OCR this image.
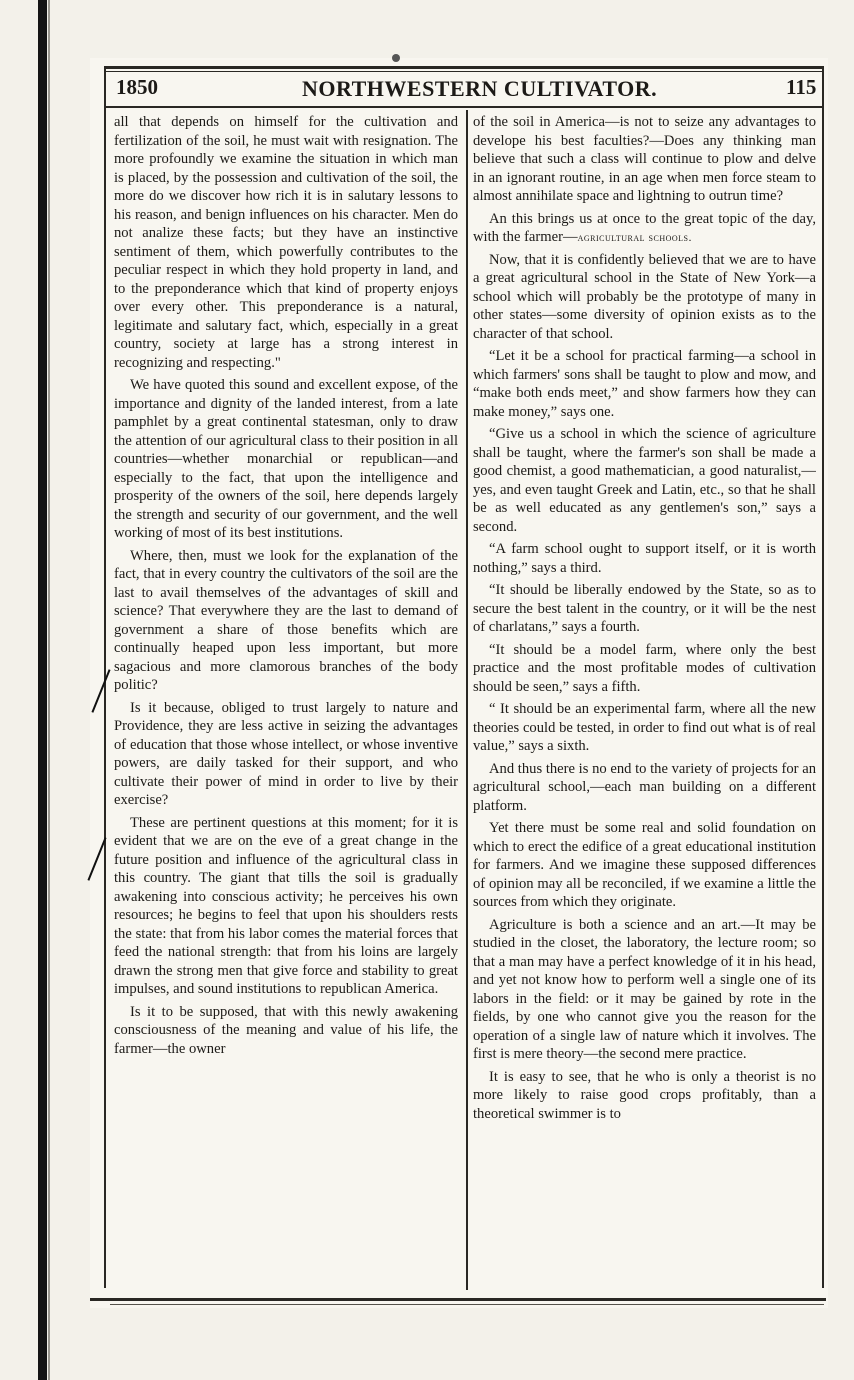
1850	NORTHWESTERN CULTIVATOR.	115

all that depends on himself for the cultivation and fertilization of the soil, he must wait with resignation. The more profoundly we examine the situation in which man is placed, by the possession and cultivation of the soil, the more do we discover how rich it is in salutary lessons to his reason, and benign influences on his character. Men do not analize these facts; but they have an instinctive sentiment of them, which powerfully contributes to the peculiar respect in which they hold property in land, and to the preponderance which that kind of property enjoys over every other. This preponderance is a natural, legitimate and salutary fact, which, especially in a great country, society at large has a strong interest in recognizing and respecting."

We have quoted this sound and excellent expose, of the importance and dignity of the landed interest, from a late pamphlet by a great continental statesman, only to draw the attention of our agricultural class to their position in all countries—whether monarchial or republican—and especially to the fact, that upon the intelligence and prosperity of the owners of the soil, here depends largely the strength and security of our government, and the well working of most of its best institutions.

Where, then, must we look for the explanation of the fact, that in every country the cultivators of the soil are the last to avail themselves of the advantages of skill and science? That everywhere they are the last to demand of government a share of those benefits which are continually heaped upon less important, but more sagacious and more clamorous branches of the body politic?

Is it because, obliged to trust largely to nature and Providence, they are less active in seizing the advantages of education that those whose intellect, or whose inventive powers, are daily tasked for their support, and who cultivate their power of mind in order to live by their exercise?

These are pertinent questions at this moment; for it is evident that we are on the eve of a great change in the future position and influence of the agricultural class in this country. The giant that tills the soil is gradually awakening into conscious activity; he perceives his own resources; he begins to feel that upon his shoulders rests the state: that from his labor comes the material forces that feed the national strength: that from his loins are largely drawn the strong men that give force and stability to great impulses, and sound institutions to republican America.

Is it to be supposed, that with this newly awakening consciousness of the meaning and value of his life, the farmer—the owner

of the soil in America—is not to seize any advantages to develope his best faculties?—Does any thinking man believe that such a class will continue to plow and delve in an ignorant routine, in an age when men force steam to almost annihilate space and lightning to outrun time?

An this brings us at once to the great topic of the day, with the farmer—agricultural schools.

Now, that it is confidently believed that we are to have a great agricultural school in the State of New York—a school which will probably be the prototype of many in other states—some diversity of opinion exists as to the character of that school.

“Let it be a school for practical farming—a school in which farmers' sons shall be taught to plow and mow, and “make both ends meet,” and show farmers how they can make money,” says one.

“Give us a school in which the science of agriculture shall be taught, where the farmer's son shall be made a good chemist, a good mathematician, a good naturalist,—yes, and even taught Greek and Latin, etc., so that he shall be as well educated as any gentlemen's son,” says a second.

“A farm school ought to support itself, or it is worth nothing,” says a third.

“It should be liberally endowed by the State, so as to secure the best talent in the country, or it will be the nest of charlatans,” says a fourth.

“It should be a model farm, where only the best practice and the most profitable modes of cultivation should be seen,” says a fifth.

“ It should be an experimental farm, where all the new theories could be tested, in order to find out what is of real value,” says a sixth.

And thus there is no end to the variety of projects for an agricultural school,—each man building on a different platform.

Yet there must be some real and solid foundation on which to erect the edifice of a great educational institution for farmers. And we imagine these supposed differences of opinion may all be reconciled, if we examine a little the sources from which they originate.

Agriculture is both a science and an art.—It may be studied in the closet, the laboratory, the lecture room; so that a man may have a perfect knowledge of it in his head, and yet not know how to perform well a single one of its labors in the field: or it may be gained by rote in the fields, by one who cannot give you the reason for the operation of a single law of nature which it involves. The first is mere theory—the second mere practice.

It is easy to see, that he who is only a theorist is no more likely to raise good crops profitably, than a theoretical swimmer is to
